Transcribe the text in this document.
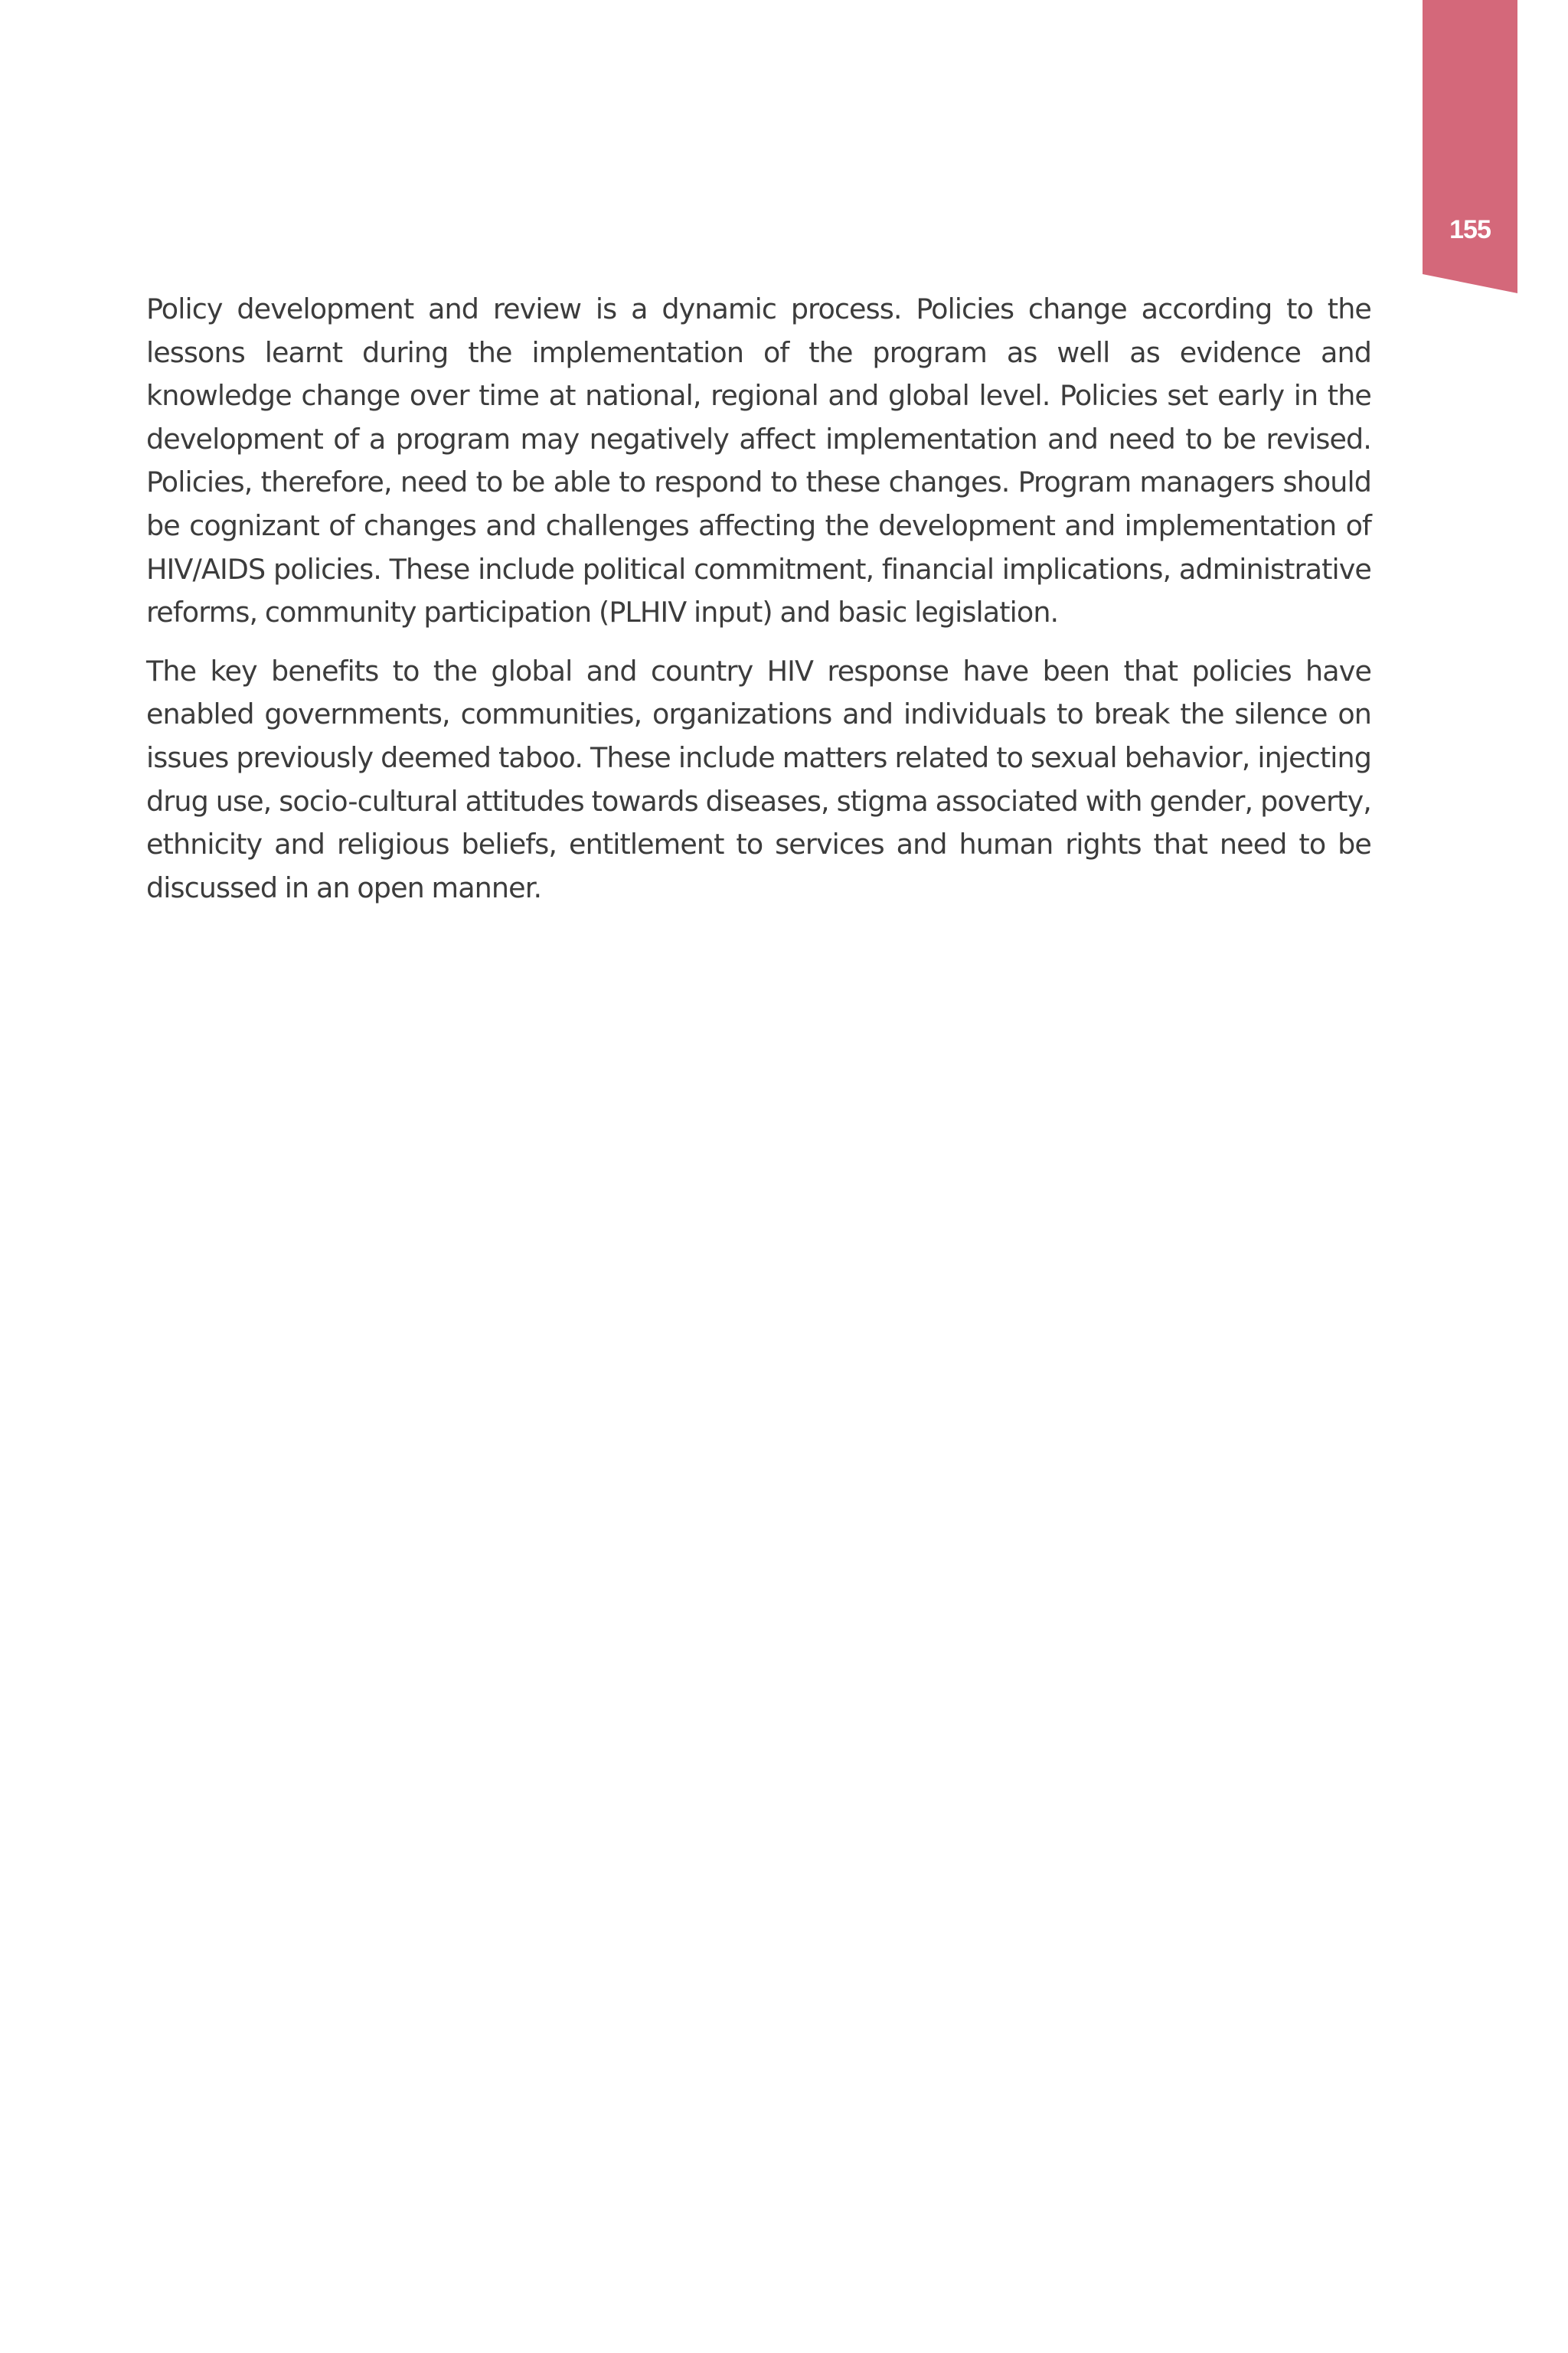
155

Policy development and review is a dynamic process. Policies change according to the lessons learnt during the implementation of the program as well as evidence and knowledge change over time at national, regional and global level. Policies set early in the development of a program may negatively affect implementation and need to be revised. Policies, therefore, need to be able to respond to these changes. Program managers should be cognizant of changes and challenges affecting the development and implementation of HIV/AIDS policies. These include political commitment, financial implications, administrative reforms, community participation (PLHIV input) and basic legislation.

The key benefits to the global and country HIV response have been that policies have enabled governments, communities, organizations and individuals to break the silence on issues previously deemed taboo. These include matters related to sexual behavior, injecting drug use, socio-cultural attitudes towards diseases, stigma associated with gender, poverty, ethnicity and religious beliefs, entitlement to services and human rights that need to be discussed in an open manner.
